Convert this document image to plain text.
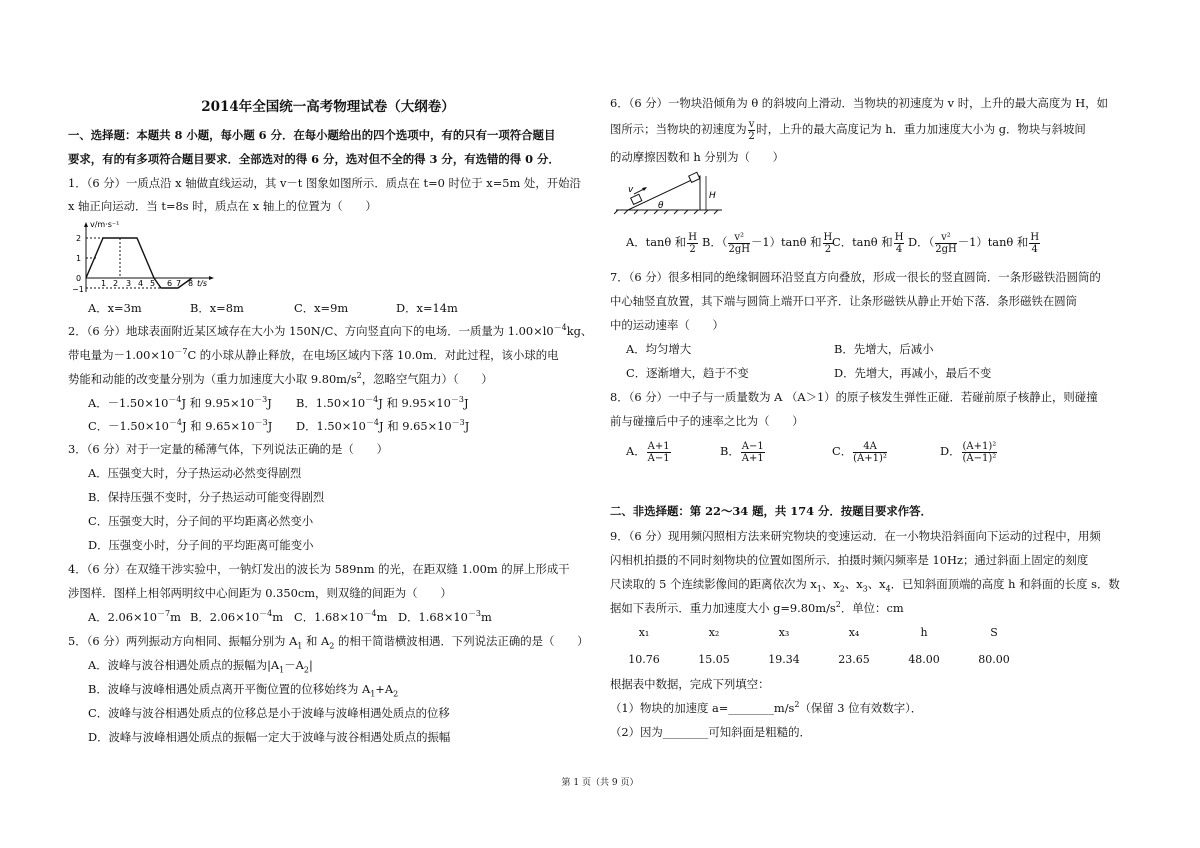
2014年全国统一高考物理试卷（大纲卷）
一、选择题：本题共 8 小题，每小题 6 分．在每小题给出的四个选项中，有的只有一项符合题目
要求，有的有多项符合题目要求．全部选对的得 6 分，选对但不全的得 3 分，有选错的得 0 分．
1．（6 分）一质点沿 x 轴做直线运动，其 v－t 图象如图所示．质点在 t=0 时位于 x=5m 处，开始沿
x 轴正向运动．当 t=8s 时，质点在 x 轴上的位置为（　　）
v/m·s⁻¹
t/s
2
1
0
−1
1 2 3 4 5 6 7 8
A．x=3m	B．x=8m	C．x=9m	D．x=14m
2．（6 分）地球表面附近某区域存在大小为 150N/C、方向竖直向下的电场．一质量为 $1.00\times l0^{-4}kg$、
带电量为$-1.00\times 10^{-7}C$ 的小球从静止释放，在电场区域内下落 10.0m．对此过程，该小球的电
势能和动能的改变量分别为（重力加速度大小取 $9.80m/s^2$，忽略空气阻力）（　　）
A．$-1.50\times 10^{-4}J$ 和 $9.95\times 10^{-3}J$ B．$1.50\times 10^{-4}J$ 和 $9.95\times 10^{-3}J$
C．$-1.50\times 10^{-4}J$ 和 $9.65\times 10^{-3}J$ D．$1.50\times 10^{-4}J$ 和 $9.65\times 10^{-3}J$
3．（6 分）对于一定量的稀薄气体，下列说法正确的是（　　）
A．压强变大时，分子热运动必然变得剧烈
B．保持压强不变时，分子热运动可能变得剧烈
C．压强变大时，分子间的平均距离必然变小
D．压强变小时，分子间的平均距离可能变小
4．（6 分）在双缝干涉实验中，一钠灯发出的波长为 589nm 的光，在距双缝 1.00m 的屏上形成干
涉图样．图样上相邻两明纹中心间距为 0.350cm，则双缝的间距为（　　）
A．$2.06\times 10^{-7}m$ B．$2.06\times 10^{-4}m$ C．$1.68\times 10^{-4}m$ D．$1.68\times 10^{-3}m$
5．（6 分）两列振动方向相同、振幅分别为 $A_1$ 和 $A_2$ 的相干简谐横波相遇．下列说法正确的是（　　）
A．波峰与波谷相遇处质点的振幅为$|A_1-A_2|$
B．波峰与波峰相遇处质点离开平衡位置的位移始终为 $A_1+A_2$
C．波峰与波谷相遇处质点的位移总是小于波峰与波峰相遇处质点的位移
D．波峰与波峰相遇处质点的振幅一定大于波峰与波谷相遇处质点的振幅
6．（6 分）一物块沿倾角为 θ 的斜坡向上滑动．当物块的初速度为 v 时，上升的最大高度为 H，如
图所示；当物块的初速度为 $\frac{v}{2}$ 时，上升的最大高度记为 h．重力加速度大小为 g．物块与斜坡间
的动摩擦因数和 h 分别为（　　）
v
θ
H
A．tanθ 和 $\frac{H}{2}$ B．（ $\frac{\text{v²}}{2gH} -1)\tan\theta$ 和 $\frac{H}{2}$
C．tanθ 和 $\frac{H}{4}$ D．（ $\frac{\text{v²}}{2gH} -1)\tan\theta$ 和 $\frac{H}{4}$
7．（6 分）很多相同的绝缘铜圆环沿竖直方向叠放，形成一很长的竖直圆筒．一条形磁铁沿圆筒的
中心轴竖直放置，其下端与圆筒上端开口平齐．让条形磁铁从静止开始下落．条形磁铁在圆筒
中的运动速率（　　）
A．均匀增大	B．先增大，后减小
C．逐渐增大，趋于不变	D．先增大，再减小，最后不变
8．（6 分）一中子与一质量数为 A （A＞1）的原子核发生弹性正碰．若碰前原子核静止，则碰撞
前与碰撞后中子的速率之比为（　　）
A． $\frac{A+1}{A-1}$	B． $\frac{A-1}{A+1}$	C． $\frac{4A}{\text{(A+1)²}}$	D． $\frac{\text{(A+1)²}}{\text{(A−1)²}}$
二、非选择题：第 22～34 题，共 174 分．按题目要求作答．
9．（6 分）现用频闪照相方法来研究物块的变速运动．在一小物块沿斜面向下运动的过程中，用频
闪相机拍摄的不同时刻物块的位置如图所示．拍摄时频闪频率是 10Hz；通过斜面上固定的刻度
尺读取的 5 个连续影像间的距离依次为 $x_1$、$x_2$、$x_3$、$x_4$．已知斜面顶端的高度 h 和斜面的长度 s．数
据如下表所示．重力加速度大小 $g=9.80m/s^2$．单位：cm
x₁	x₂	x₃	x₄	h	S
10.76	15.05	19.34	23.65	48.00	80.00
根据表中数据，完成下列填空：
（1）物块的加速度 $a=\_\_\_\_\_\_\_\_m/s^2$（保留 3 位有效数字）．
（2）因为________可知斜面是粗糙的．
第 1 页（共 9 页）
